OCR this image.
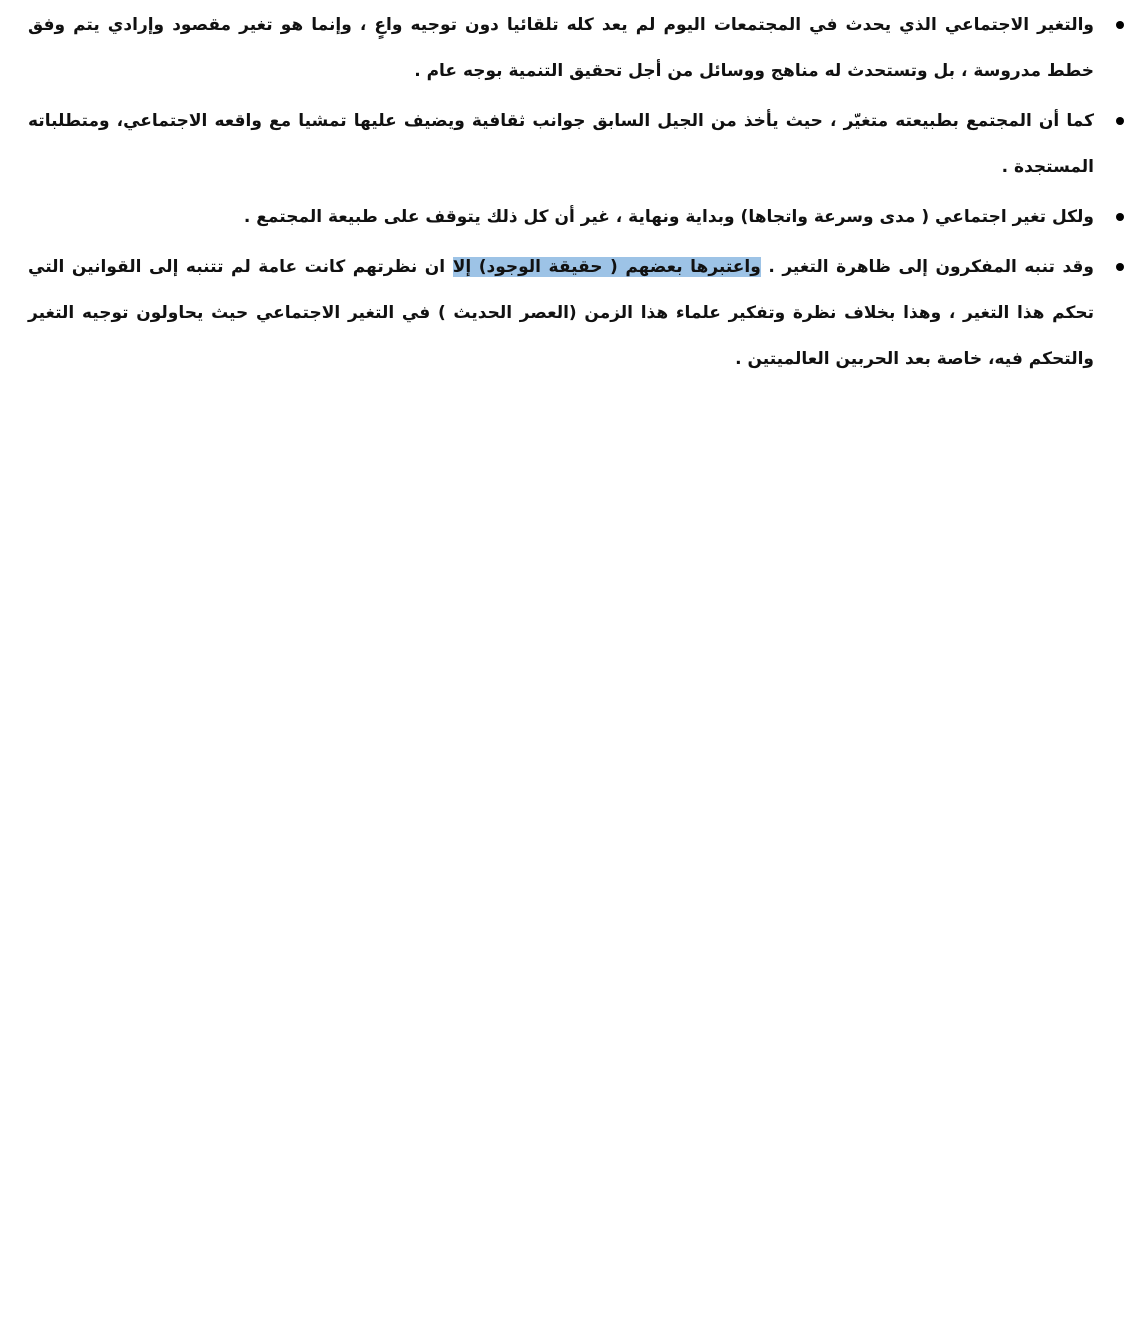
والتغير الاجتماعي الذي يحدث في المجتمعات اليوم لم يعد كله تلقائيا دون توجيه واعٍ ، وإنما هو تغير مقصود وإرادي يتم وفق خطط مدروسة ، بل وتستحدث له مناهج ووسائل من أجل تحقيق التنمية بوجه عام .
كما أن المجتمع بطبيعته متغيّر ، حيث يأخذ من الجيل السابق جوانب ثقافية ويضيف عليها تمشيا مع واقعه الاجتماعي، ومتطلباته المستجدة .
ولكل تغير اجتماعي ( مدى وسرعة واتجاها) وبداية ونهاية ، غير أن كل ذلك يتوقف على طبيعة المجتمع .
وقد تنبه المفكرون إلى ظاهرة التغير . واعتبرها بعضهم ( حقيقة الوجود) إلا ان نظرتهم كانت عامة لم تتنبه إلى القوانين التي تحكم هذا التغير ، وهذا بخلاف نظرة وتفكير علماء هذا الزمن (العصر الحديث ) في التغير الاجتماعي حيث يحاولون توجيه التغير والتحكم فيه، خاصة بعد الحربين العالميتين .
